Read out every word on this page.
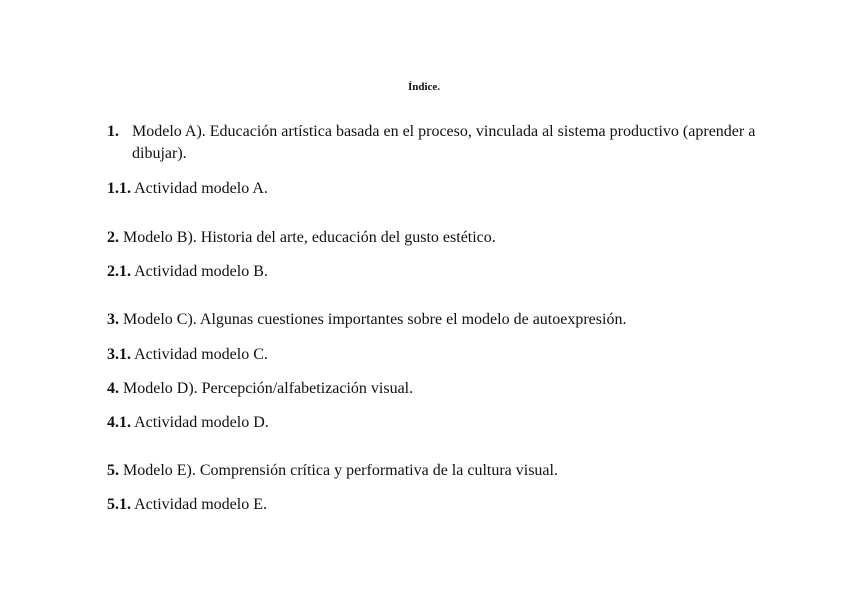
Índice.
1. Modelo A). Educación artística basada en el proceso, vinculada al sistema productivo (aprender a dibujar).
1.1. Actividad modelo A.
2. Modelo B). Historia del arte, educación del gusto estético.
2.1. Actividad modelo B.
3. Modelo C). Algunas cuestiones importantes sobre el modelo de autoexpresión.
3.1. Actividad modelo C.
4. Modelo D). Percepción/alfabetización visual.
4.1. Actividad modelo D.
5. Modelo E). Comprensión crítica y performativa de la cultura visual.
5.1. Actividad modelo E.
